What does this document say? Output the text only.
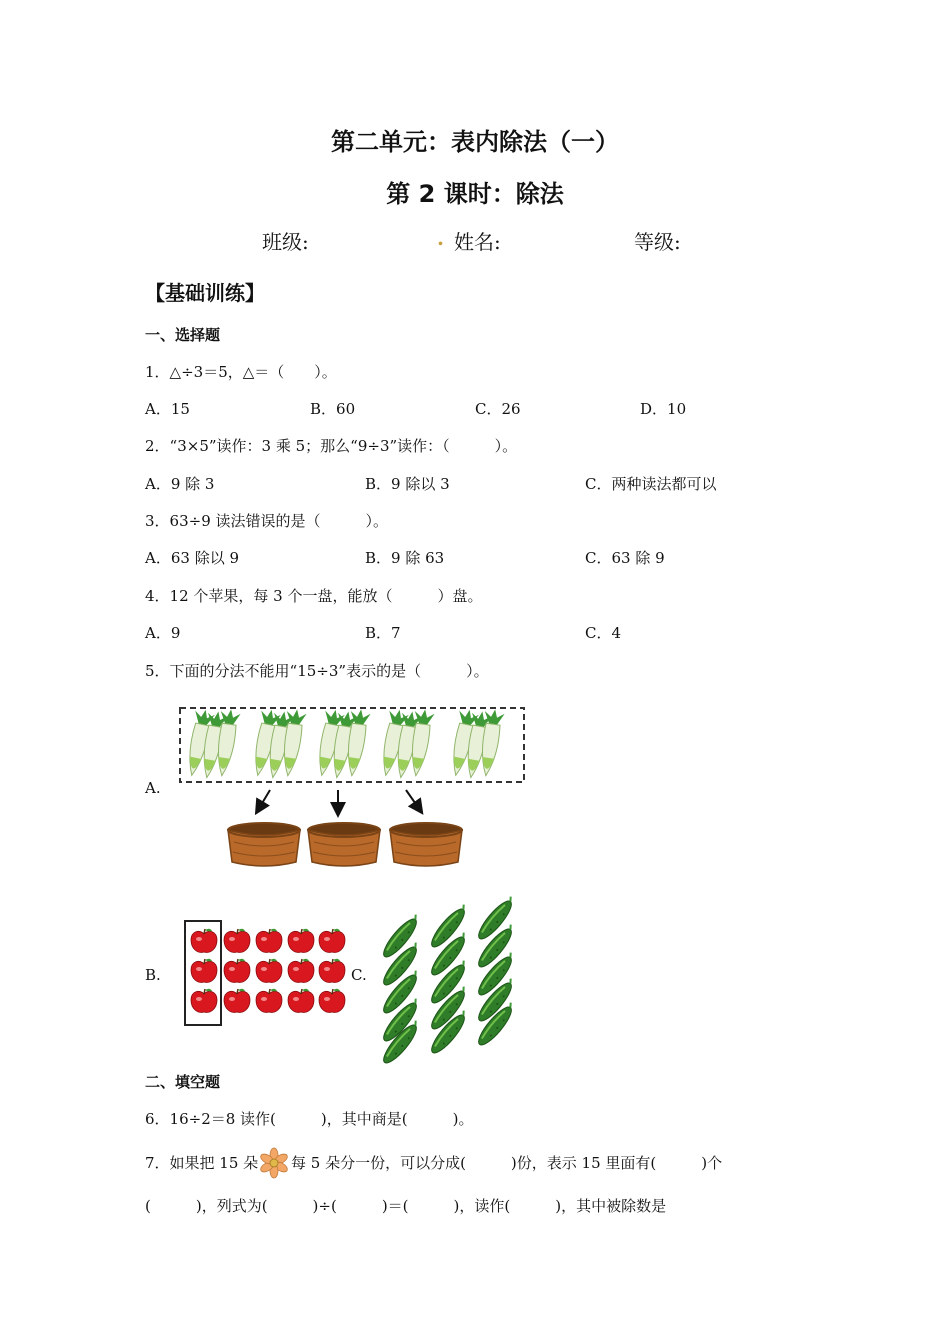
第二单元：表内除法（一）
第 2 课时：除法
班级:	. 姓名:	等级:
【基础训练】
一、选择题
1．△÷3＝5，△＝（　　）。
A．15	B．60	C．26	D．10
2．“3×5”读作：3 乘 5；那么“9÷3”读作：（　　　）。
A．9 除 3	B．9 除以 3	C．两种读法都可以
3．63÷9 读法错误的是（　　　）。
A．63 除以 9	B．9 除 63	C．63 除 9
4．12 个苹果，每 3 个一盘，能放（　　　）盘。
A．9	B．7	C．4
5．下面的分法不能用“15÷3”表示的是（　　　）。
A.
B.	C.
二、填空题
6．16÷2＝8 读作(　　　)，其中商是(　　　)。
7．如果把 15 朵 每 5 朵分一份，可以分成(　　　)份，表示 15 里面有(　　　)个
(　　　)，列式为(　　　)÷(　　　)＝(　　　)，读作(　　　)，其中被除数是
